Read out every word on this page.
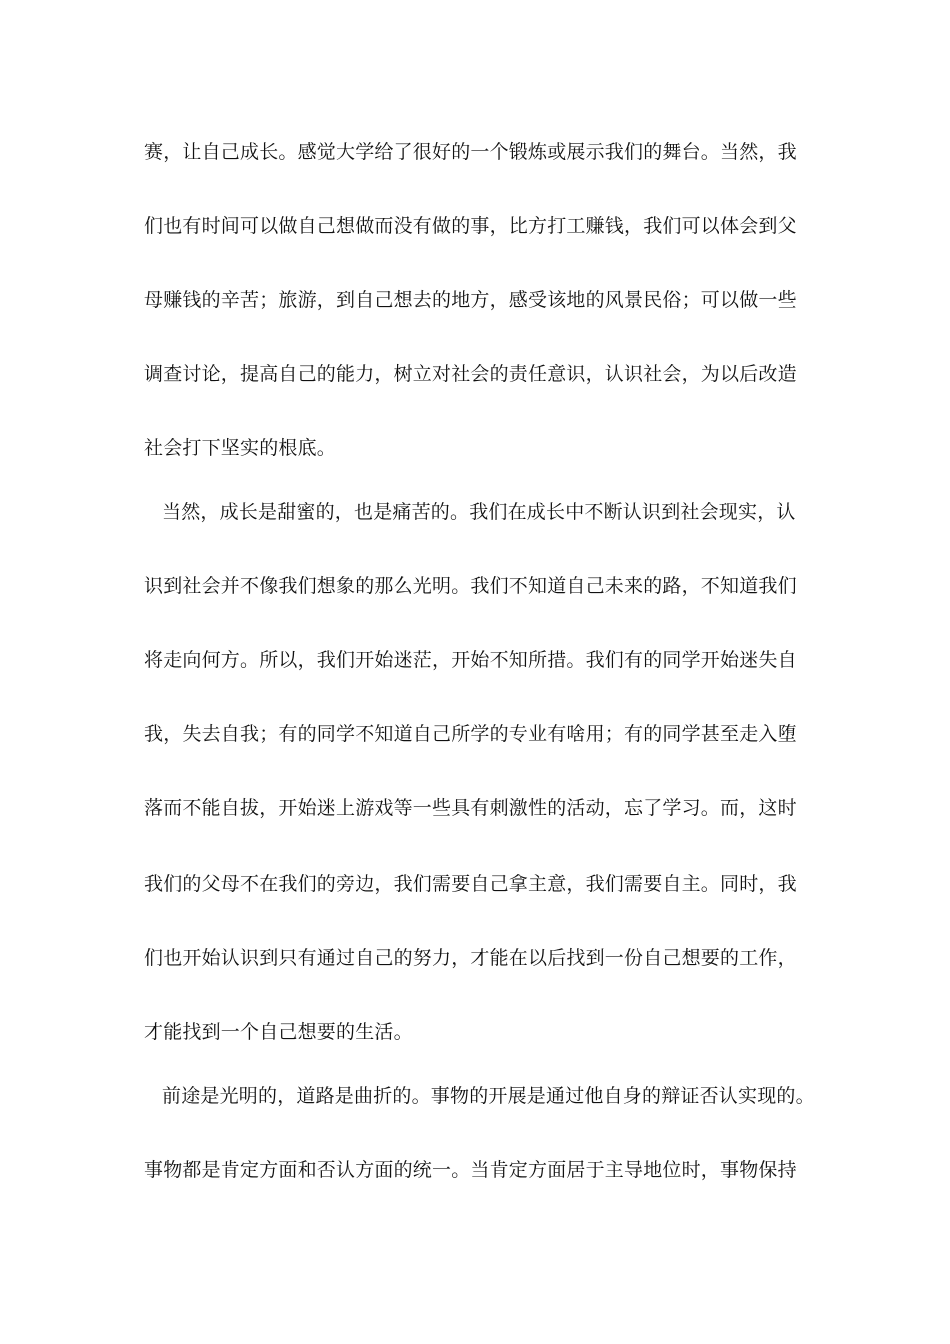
赛，让自己成长。感觉大学给了很好的一个锻炼或展示我们的舞台。当然，我
们也有时间可以做自己想做而没有做的事，比方打工赚钱，我们可以体会到父
母赚钱的辛苦；旅游，到自己想去的地方，感受该地的风景民俗；可以做一些
调查讨论，提高自己的能力，树立对社会的责任意识，认识社会，为以后改造
社会打下坚实的根底。
当然，成长是甜蜜的，也是痛苦的。我们在成长中不断认识到社会现实，认
识到社会并不像我们想象的那么光明。我们不知道自己未来的路，不知道我们
将走向何方。所以，我们开始迷茫，开始不知所措。我们有的同学开始迷失自
我，失去自我；有的同学不知道自己所学的专业有啥用；有的同学甚至走入堕
落而不能自拔，开始迷上游戏等一些具有刺激性的活动，忘了学习。而，这时
我们的父母不在我们的旁边，我们需要自己拿主意，我们需要自主。同时，我
们也开始认识到只有通过自己的努力，才能在以后找到一份自己想要的工作，
才能找到一个自己想要的生活。
前途是光明的，道路是曲折的。事物的开展是通过他自身的辩证否认实现的。
事物都是肯定方面和否认方面的统一。当肯定方面居于主导地位时，事物保持
